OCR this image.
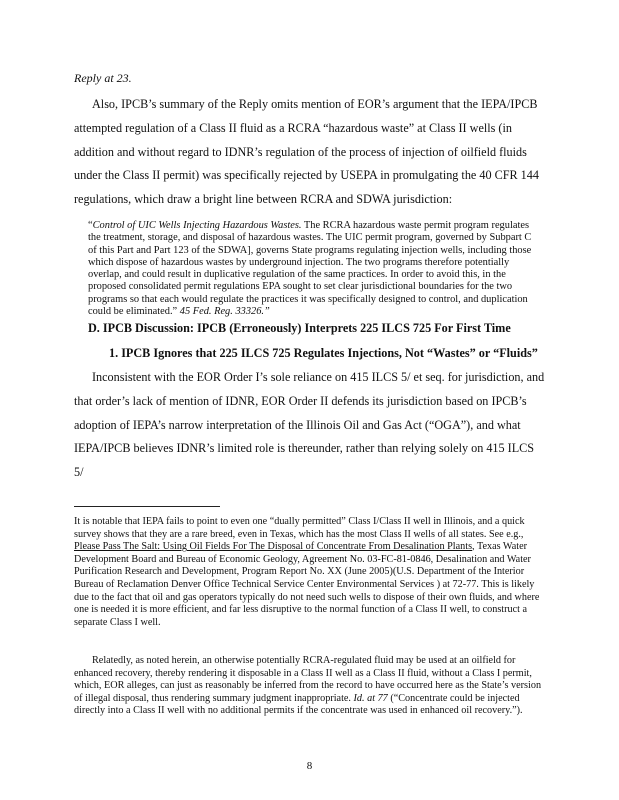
Reply at 23.

Also, IPCB’s summary of the Reply omits mention of EOR’s argument that the IEPA/IPCB attempted regulation of a Class II fluid as a RCRA “hazardous waste” at Class II wells (in addition and without regard to IDNR’s regulation of the process of injection of oilfield fluids under the Class II permit) was specifically rejected by USEPA in promulgating the 40 CFR 144 regulations, which draw a bright line between RCRA and SDWA jurisdiction:

“Control of UIC Wells Injecting Hazardous Wastes. The RCRA hazardous waste permit program regulates the treatment, storage, and disposal of hazardous wastes. The UIC permit program, governed by Subpart C of this Part and Part 123 of the SDWA], governs State programs regulating injection wells, including those which dispose of hazardous wastes by underground injection. The two programs therefore potentially overlap, and could result in duplicative regulation of the same practices. In order to avoid this, in the proposed consolidated permit regulations EPA sought to set clear jurisdictional boundaries for the two programs so that each would regulate the practices it was specifically designed to control, and duplication could be eliminated.” 45 Fed. Reg. 33326.”

D. IPCB Discussion: IPCB (Erroneously) Interprets 225 ILCS 725 For First Time
1. IPCB Ignores that 225 ILCS 725 Regulates Injections, Not “Wastes” or “Fluids”

Inconsistent with the EOR Order I’s sole reliance on 415 ILCS 5/ et seq. for jurisdiction, and that order’s lack of mention of IDNR, EOR Order II defends its jurisdiction based on IPCB’s adoption of IEPA’s narrow interpretation of the Illinois Oil and Gas Act (“OGA”), and what IEPA/IPCB believes IDNR’s limited role is thereunder, rather than relying solely on 415 ILCS 5/

It is notable that IEPA fails to point to even one “dually permitted” Class I/Class II well in Illinois, and a quick survey shows that they are a rare breed, even in Texas, which has the most Class II wells of all states. See e.g., Please Pass The Salt: Using Oil Fields For The Disposal of Concentrate From Desalination Plants, Texas Water Development Board and Bureau of Economic Geology, Agreement No. 03-FC-81-0846, Desalination and Water Purification Research and Development, Program Report No. XX (June 2005)(U.S. Department of the Interior Bureau of Reclamation Denver Office Technical Service Center Environmental Services ) at 72-77. This is likely due to the fact that oil and gas operators typically do not need such wells to dispose of their own fluids, and where one is needed it is more efficient, and far less disruptive to the normal function of a Class II well, to construct a separate Class I well.

Relatedly, as noted herein, an otherwise potentially RCRA-regulated fluid may be used at an oilfield for enhanced recovery, thereby rendering it disposable in a Class II well as a Class II fluid, without a Class I permit, which, EOR alleges, can just as reasonably be inferred from the record to have occurred here as the State’s version of illegal disposal, thus rendering summary judgment inappropriate. Id. at 77 (“Concentrate could be injected directly into a Class II well with no additional permits if the concentrate was used in enhanced oil recovery.”).

8
